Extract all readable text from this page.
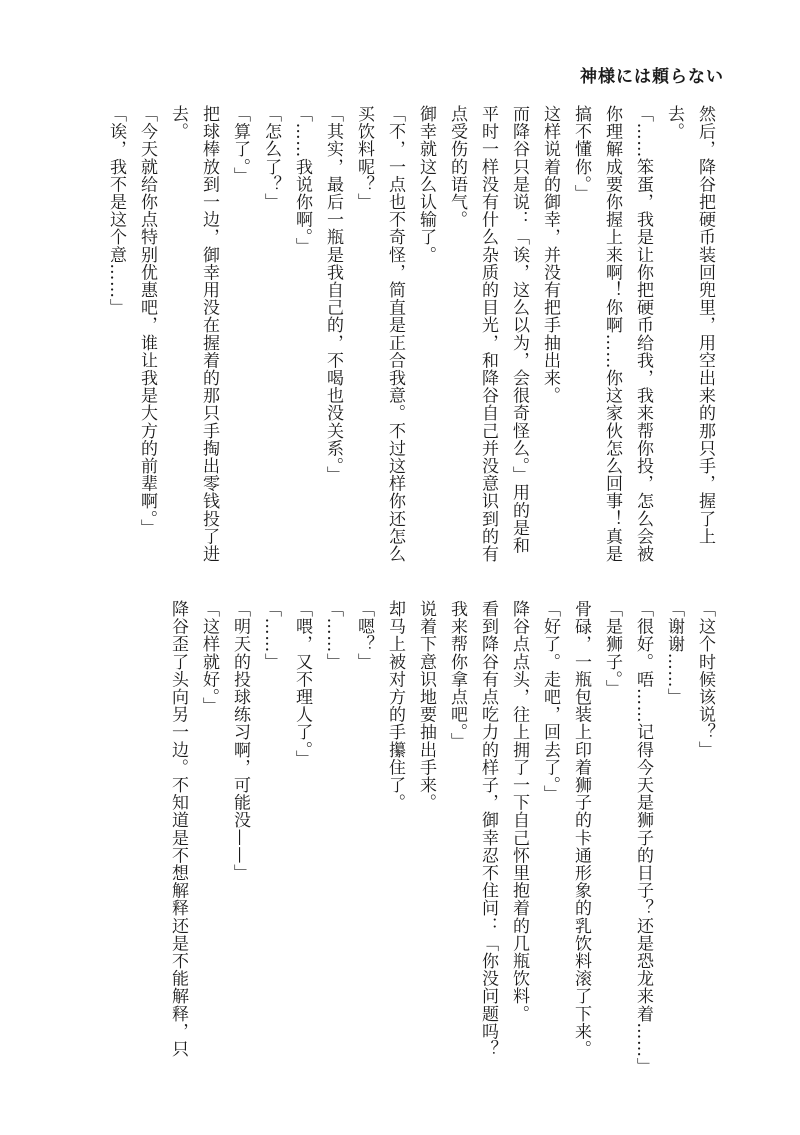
神様には頼らない

然后，降谷把硬币装回兜里，用空出来的那只手，握了上去。

「……笨蛋，我是让你把硬币给我，我来帮你投，怎么会被你理解成要你握上来啊！你啊……你这家伙怎么回事！真是搞不懂你。」

这样说着的御幸，并没有把手抽出来。

而降谷只是说：「诶，这么以为，会很奇怪么。」用的是和平时一样没有什么杂质的目光，和降谷自己并没意识到的有点受伤的语气。

御幸就这么认输了。

「不，一点也不奇怪，简直是正合我意。不过这样你还怎么买饮料呢？」

「其实，最后一瓶是我自己的，不喝也没关系。」

「……我说你啊。」

「怎么了？」

「算了。」

把球棒放到一边，御幸用没在握着的那只手掏出零钱投了进去。

「今天就给你点特别优惠吧，谁让我是大方的前辈啊。」

「诶，我不是这个意……」

「这个时候该说？」

「谢谢……」

「很好。唔……记得今天是狮子的日子？还是恐龙来着……」

「是狮子。」

骨碌，一瓶包装上印着狮子的卡通形象的乳饮料滚了下来。

「好了。走吧，回去了。」

降谷点点头，往上拥了一下自己怀里抱着的几瓶饮料。

看到降谷有点吃力的样子，御幸忍不住问：「你没问题吗？我来帮你拿点吧。」

说着下意识地要抽出手来。

却马上被对方的手攥住了。

「嗯？」

「……」

「喂，又不理人了。」

「……」

「明天的投球练习啊，可能没——」

「这样就好。」

降谷歪了头向另一边。不知道是不想解释还是不能解释，只
